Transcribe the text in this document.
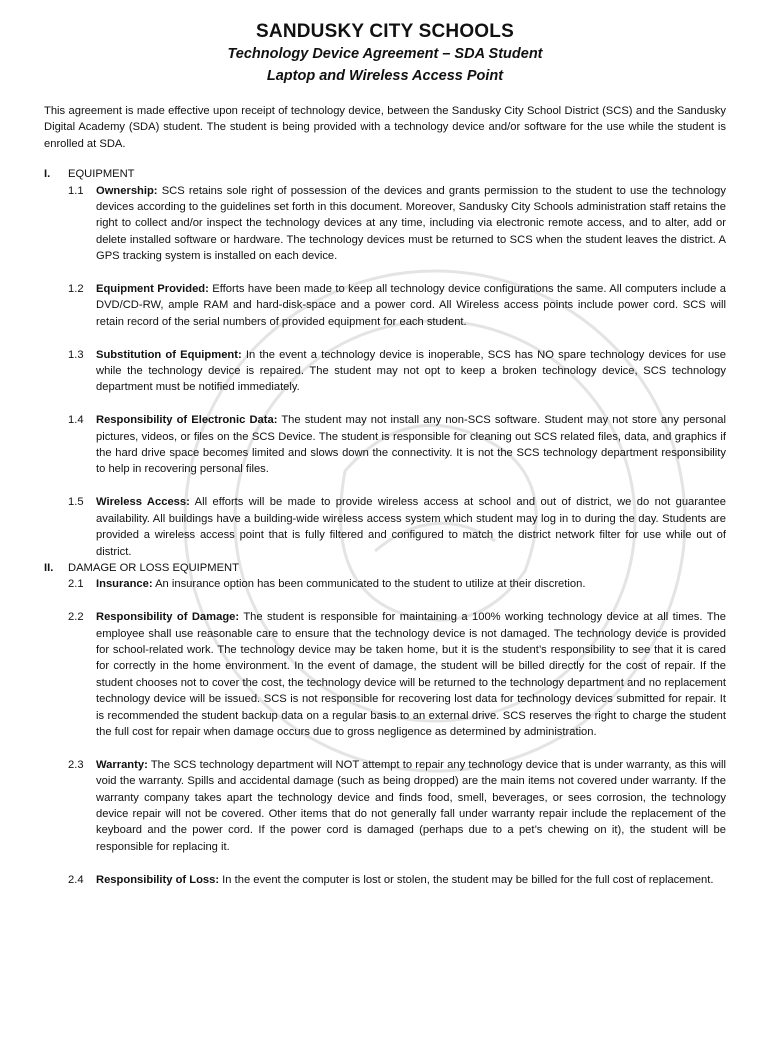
SANDUSKY CITY SCHOOLS
Technology Device Agreement – SDA Student
Laptop and Wireless Access Point
This agreement is made effective upon receipt of technology device, between the Sandusky City School District (SCS) and the Sandusky Digital Academy (SDA) student. The student is being provided with a technology device and/or software for the use while the student is enrolled at SDA.
I.	EQUIPMENT
1.1	Ownership: SCS retains sole right of possession of the devices and grants permission to the student to use the technology devices according to the guidelines set forth in this document. Moreover, Sandusky City Schools administration staff retains the right to collect and/or inspect the technology devices at any time, including via electronic remote access, and to alter, add or delete installed software or hardware. The technology devices must be returned to SCS when the student leaves the district. A GPS tracking system is installed on each device.
1.2	Equipment Provided: Efforts have been made to keep all technology device configurations the same. All computers include a DVD/CD-RW, ample RAM and hard-disk-space and a power cord. All Wireless access points include power cord. SCS will retain record of the serial numbers of provided equipment for each student.
1.3	Substitution of Equipment: In the event a technology device is inoperable, SCS has NO spare technology devices for use while the technology device is repaired. The student may not opt to keep a broken technology device, SCS technology department must be notified immediately.
1.4	Responsibility of Electronic Data: The student may not install any non-SCS software. Student may not store any personal pictures, videos, or files on the SCS Device. The student is responsible for cleaning out SCS related files, data, and graphics if the hard drive space becomes limited and slows down the connectivity. It is not the SCS technology department responsibility to help in recovering personal files.
1.5	Wireless Access: All efforts will be made to provide wireless access at school and out of district, we do not guarantee availability. All buildings have a building-wide wireless access system which student may log in to during the day. Students are provided a wireless access point that is fully filtered and configured to match the district network filter for use while out of district.
II.	DAMAGE OR LOSS EQUIPMENT
2.1	Insurance: An insurance option has been communicated to the student to utilize at their discretion.
2.2	Responsibility of Damage: The student is responsible for maintaining a 100% working technology device at all times. The employee shall use reasonable care to ensure that the technology device is not damaged. The technology device is provided for school-related work. The technology device may be taken home, but it is the student’s responsibility to see that it is cared for correctly in the home environment. In the event of damage, the student will be billed directly for the cost of repair. If the student chooses not to cover the cost, the technology device will be returned to the technology department and no replacement technology device will be issued. SCS is not responsible for recovering lost data for technology devices submitted for repair. It is recommended the student backup data on a regular basis to an external drive. SCS reserves the right to charge the student the full cost for repair when damage occurs due to gross negligence as determined by administration.
2.3	Warranty: The SCS technology department will NOT attempt to repair any technology device that is under warranty, as this will void the warranty. Spills and accidental damage (such as being dropped) are the main items not covered under warranty. If the warranty company takes apart the technology device and finds food, smell, beverages, or sees corrosion, the technology device repair will not be covered. Other items that do not generally fall under warranty repair include the replacement of the keyboard and the power cord. If the power cord is damaged (perhaps due to a pet’s chewing on it), the student will be responsible for replacing it.
2.4	Responsibility of Loss: In the event the computer is lost or stolen, the student may be billed for the full cost of replacement.
